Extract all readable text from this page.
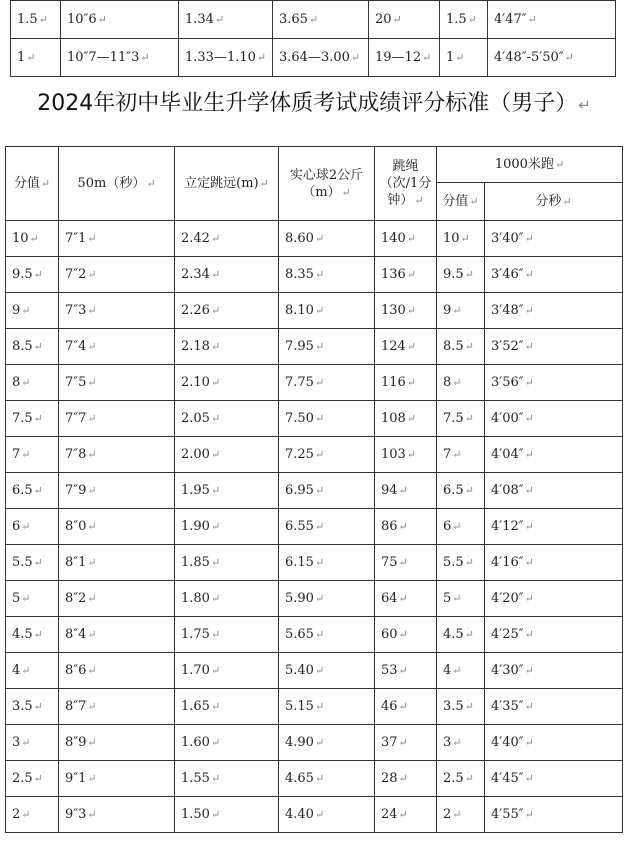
1.5↵	10″6↵	1.34↵	3.65↵	20↵	1.5↵	4′47″↵
1↵	10″7—11″3↵	1.33—1.10↵	3.64—3.00↵	19—12↵	1↵	4′48″-5′50″↵
2024年初中毕业生升学体质考试成绩评分标准（男子）↵
分值↵	50m（秒）↵	立定跳远(m)↵	实心球2公斤（m）↵	跳绳（次/1分钟）↵	1000米跑↵	
					分值↵	分秒↵
10↵	7″1↵	2.42↵	8.60↵	140↵	10↵	3′40″↵
9.5↵	7″2↵	2.34↵	8.35↵	136↵	9.5↵	3′46″↵
9↵	7″3↵	2.26↵	8.10↵	130↵	9↵	3′48″↵
8.5↵	7″4↵	2.18↵	7.95↵	124↵	8.5↵	3′52″↵
8↵	7″5↵	2.10↵	7.75↵	116↵	8↵	3′56″↵
7.5↵	7″7↵	2.05↵	7.50↵	108↵	7.5↵	4′00″↵
7↵	7″8↵	2.00↵	7.25↵	103↵	7↵	4′04″↵
6.5↵	7″9↵	1.95↵	6.95↵	94↵	6.5↵	4′08″↵
6↵	8″0↵	1.90↵	6.55↵	86↵	6↵	4′12″↵
5.5↵	8″1↵	1.85↵	6.15↵	75↵	5.5↵	4′16″↵
5↵	8″2↵	1.80↵	5.90↵	64↵	5↵	4′20″↵
4.5↵	8″4↵	1.75↵	5.65↵	60↵	4.5↵	4′25″↵
4↵	8″6↵	1.70↵	5.40↵	53↵	4↵	4′30″↵
3.5↵	8″7↵	1.65↵	5.15↵	46↵	3.5↵	4′35″↵
3↵	8″9↵	1.60↵	4.90↵	37↵	3↵	4′40″↵
2.5↵	9″1↵	1.55↵	4.65↵	28↵	2.5↵	4′45″↵
2↵	9″3↵	1.50↵	4.40↵	24↵	2↵	4′55″↵
